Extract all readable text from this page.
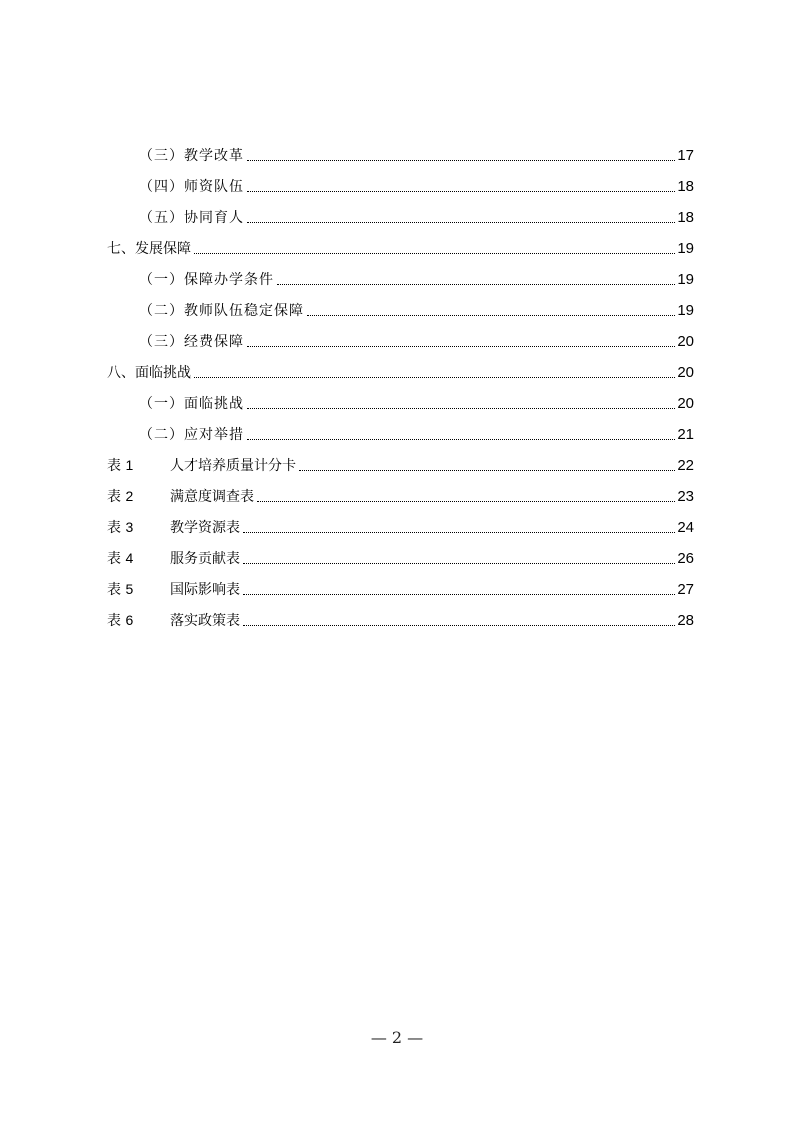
（三）教学改革	17
（四）师资队伍	18
（五）协同育人	18
七、发展保障	19
（一）保障办学条件	19
（二）教师队伍稳定保障	19
（三）经费保障	20
八、面临挑战	20
（一）面临挑战	20
（二）应对举措	21
表 1	人才培养质量计分卡	22
表 2	满意度调查表	23
表 3	教学资源表	24
表 4	服务贡献表	26
表 5	国际影响表	27
表 6	落实政策表	28
— 2 —
